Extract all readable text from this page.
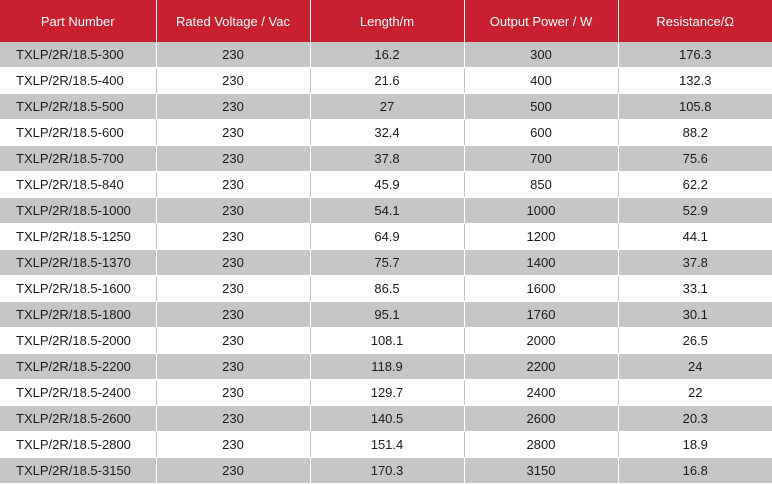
Part Number	Rated Voltage / Vac	Length/m	Output Power / W	Resistance/Ω
TXLP/2R/18.5-300	230	16.2	300	176.3
TXLP/2R/18.5-400	230	21.6	400	132.3
TXLP/2R/18.5-500	230	27	500	105.8
TXLP/2R/18.5-600	230	32.4	600	88.2
TXLP/2R/18.5-700	230	37.8	700	75.6
TXLP/2R/18.5-840	230	45.9	850	62.2
TXLP/2R/18.5-1000	230	54.1	1000	52.9
TXLP/2R/18.5-1250	230	64.9	1200	44.1
TXLP/2R/18.5-1370	230	75.7	1400	37.8
TXLP/2R/18.5-1600	230	86.5	1600	33.1
TXLP/2R/18.5-1800	230	95.1	1760	30.1
TXLP/2R/18.5-2000	230	108.1	2000	26.5
TXLP/2R/18.5-2200	230	118.9	2200	24
TXLP/2R/18.5-2400	230	129.7	2400	22
TXLP/2R/18.5-2600	230	140.5	2600	20.3
TXLP/2R/18.5-2800	230	151.4	2800	18.9
TXLP/2R/18.5-3150	230	170.3	3150	16.8
